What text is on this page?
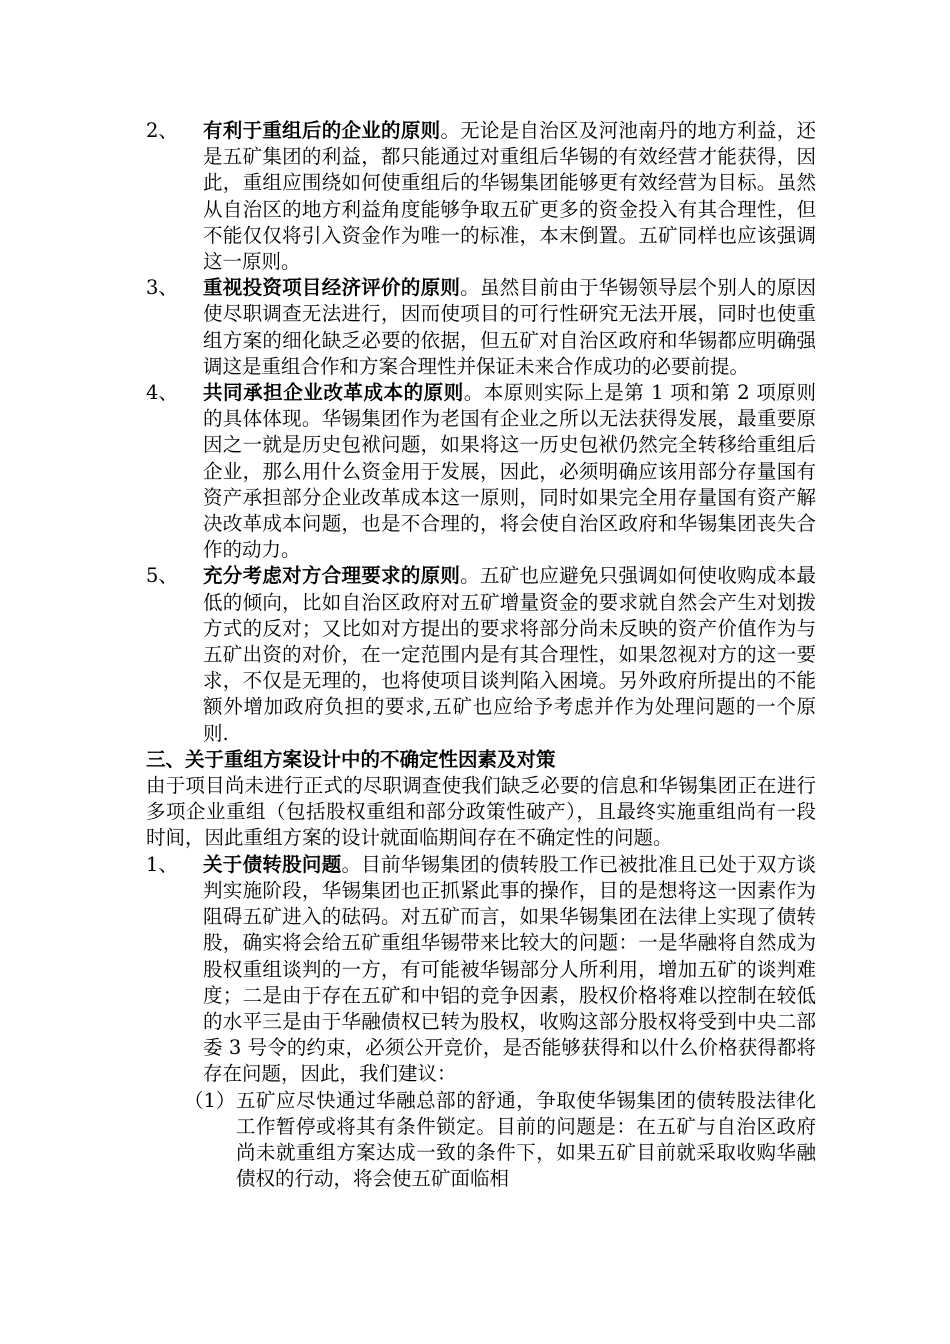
2、 有利于重组后的企业的原则。无论是自治区及河池南丹的地方利益，还是五矿集团的利益，都只能通过对重组后华锡的有效经营才能获得，因此，重组应围绕如何使重组后的华锡集团能够更有效经营为目标。虽然从自治区的地方利益角度能够争取五矿更多的资金投入有其合理性，但不能仅仅将引入资金作为唯一的标准，本末倒置。五矿同样也应该强调这一原则。
3、 重视投资项目经济评价的原则。虽然目前由于华锡领导层个别人的原因使尽职调查无法进行，因而使项目的可行性研究无法开展，同时也使重组方案的细化缺乏必要的依据，但五矿对自治区政府和华锡都应明确强调这是重组合作和方案合理性并保证未来合作成功的必要前提。
4、 共同承担企业改革成本的原则。本原则实际上是第 1 项和第 2 项原则的具体体现。华锡集团作为老国有企业之所以无法获得发展，最重要原因之一就是历史包袱问题，如果将这一历史包袱仍然完全转移给重组后企业，那么用什么资金用于发展，因此，必须明确应该用部分存量国有资产承担部分企业改革成本这一原则，同时如果完全用存量国有资产解决改革成本问题，也是不合理的，将会使自治区政府和华锡集团丧失合作的动力。
5、 充分考虑对方合理要求的原则。五矿也应避免只强调如何使收购成本最低的倾向，比如自治区政府对五矿增量资金的要求就自然会产生对划拨方式的反对；又比如对方提出的要求将部分尚未反映的资产价值作为与五矿出资的对价，在一定范围内是有其合理性，如果忽视对方的这一要求，不仅是无理的，也将使项目谈判陷入困境。另外政府所提出的不能额外增加政府负担的要求,五矿也应给予考虑并作为处理问题的一个原则.
三、关于重组方案设计中的不确定性因素及对策
由于项目尚未进行正式的尽职调查使我们缺乏必要的信息和华锡集团正在进行多项企业重组（包括股权重组和部分政策性破产），且最终实施重组尚有一段时间，因此重组方案的设计就面临期间存在不确定性的问题。
1、 关于债转股问题。目前华锡集团的债转股工作已被批准且已处于双方谈判实施阶段，华锡集团也正抓紧此事的操作，目的是想将这一因素作为阻碍五矿进入的砝码。对五矿而言，如果华锡集团在法律上实现了债转股，确实将会给五矿重组华锡带来比较大的问题：一是华融将自然成为股权重组谈判的一方，有可能被华锡部分人所利用，增加五矿的谈判难度；二是由于存在五矿和中铝的竞争因素，股权价格将难以控制在较低的水平三是由于华融债权已转为股权，收购这部分股权将受到中央二部委 3 号令的约束，必须公开竞价，是否能够获得和以什么价格获得都将存在问题，因此，我们建议：
（1） 五矿应尽快通过华融总部的舒通，争取使华锡集团的债转股法律化工作暂停或将其有条件锁定。目前的问题是：在五矿与自治区政府尚未就重组方案达成一致的条件下，如果五矿目前就采取收购华融债权的行动，将会使五矿面临相
